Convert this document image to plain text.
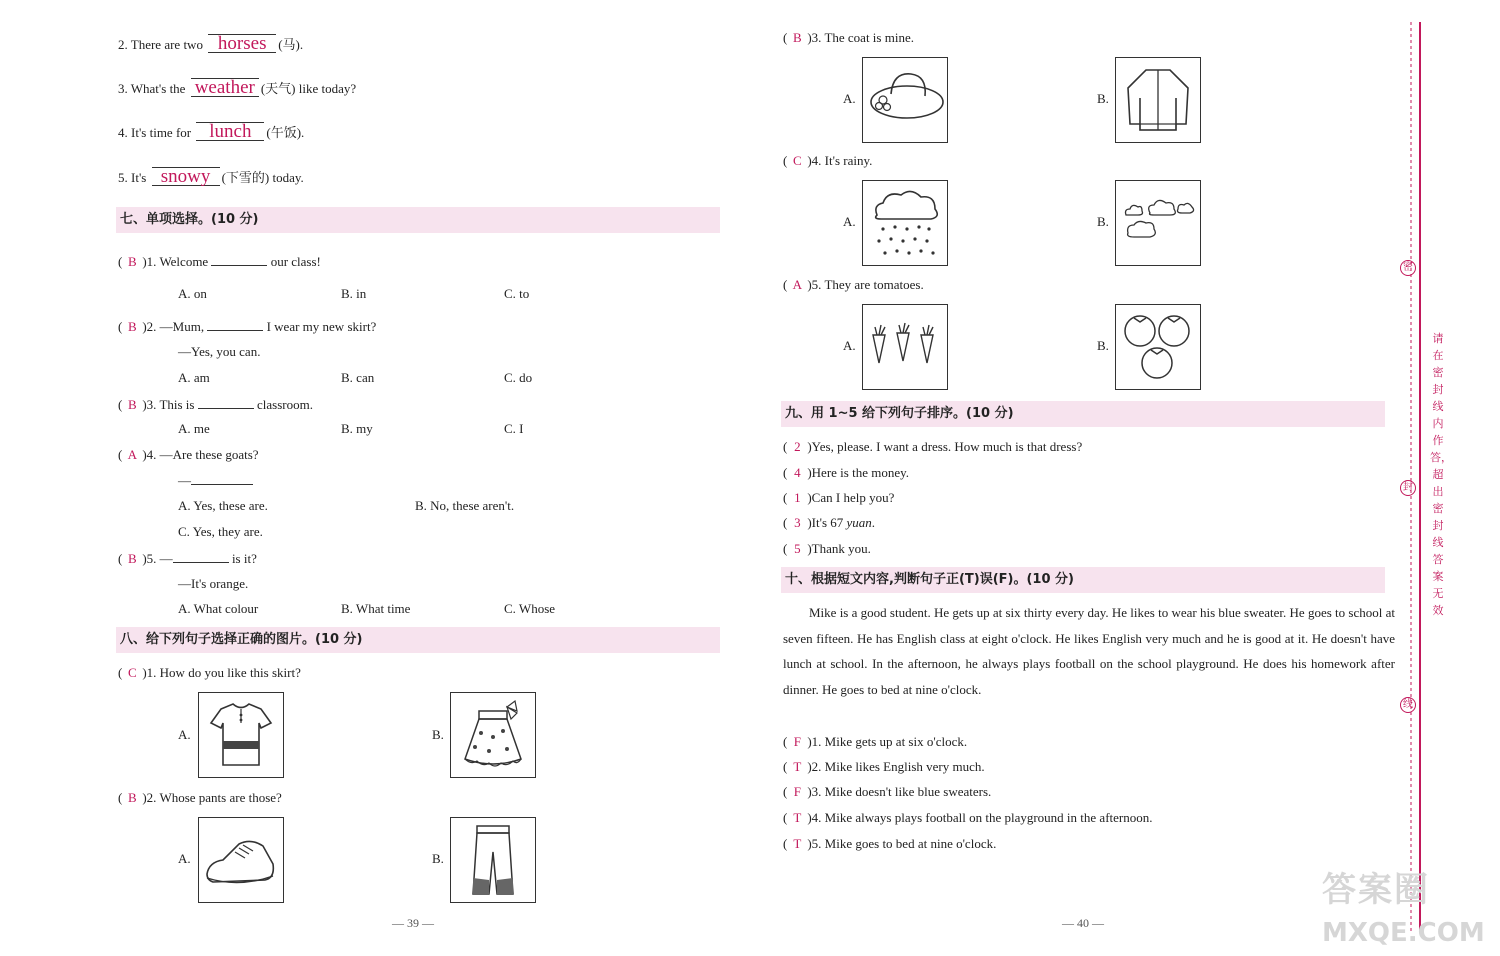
2. There are two horses (马).
3. What's the weather (天气) like today?
4. It's time for lunch (午饭).
5. It's snowy (下雪的) today.
七、单项选择。(10 分)
( B )1. Welcome	our class!
A. on	B. in	C. to
( B )2. —Mum,	I wear my new skirt?
—Yes, you can.
A. am	B. can	C. do
( B )3. This is	classroom.
A. me	B. my	C. I
( A )4. —Are these goats?
—
A. Yes, these are.	B. No, these aren't.
C. Yes, they are.
( B )5. —	is it?
—It's orange.
A. What colour	B. What time	C. Whose
八、给下列句子选择正确的图片。(10 分)
( C )1. How do you like this skirt?
A.	B.
( B )2. Whose pants are those?
A.	B.
— 39 —
( B )3. The coat is mine.
A.	B.
( C )4. It's rainy.
A.	B.
( A )5. They are tomatoes.
A.	B.
九、用 1~5 给下列句子排序。(10 分)
( 2 )Yes, please. I want a dress. How much is that dress?
( 4 )Here is the money.
( 1 )Can I help you?
( 3 )It's 67 yuan.
( 5 )Thank you.
十、根据短文内容,判断句子正(T)误(F)。(10 分)
Mike is a good student. He gets up at six thirty every day. He likes to wear his blue sweater. He goes to school at seven fifteen. He has English class at eight o'clock. He likes English very much and he is good at it. He doesn't have lunch at school. In the afternoon, he always plays football on the school playground. He does his homework after dinner. He goes to bed at nine o'clock.
( F )1. Mike gets up at six o'clock.
( T )2. Mike likes English very much.
( F )3. Mike doesn't like blue sweaters.
( T )4. Mike always plays football on the playground in the afternoon.
( T )5. Mike goes to bed at nine o'clock.
— 40 —
密
封
线
请在密封线内作答，超出密封线答案无效
答案圈
MXQE.COM
